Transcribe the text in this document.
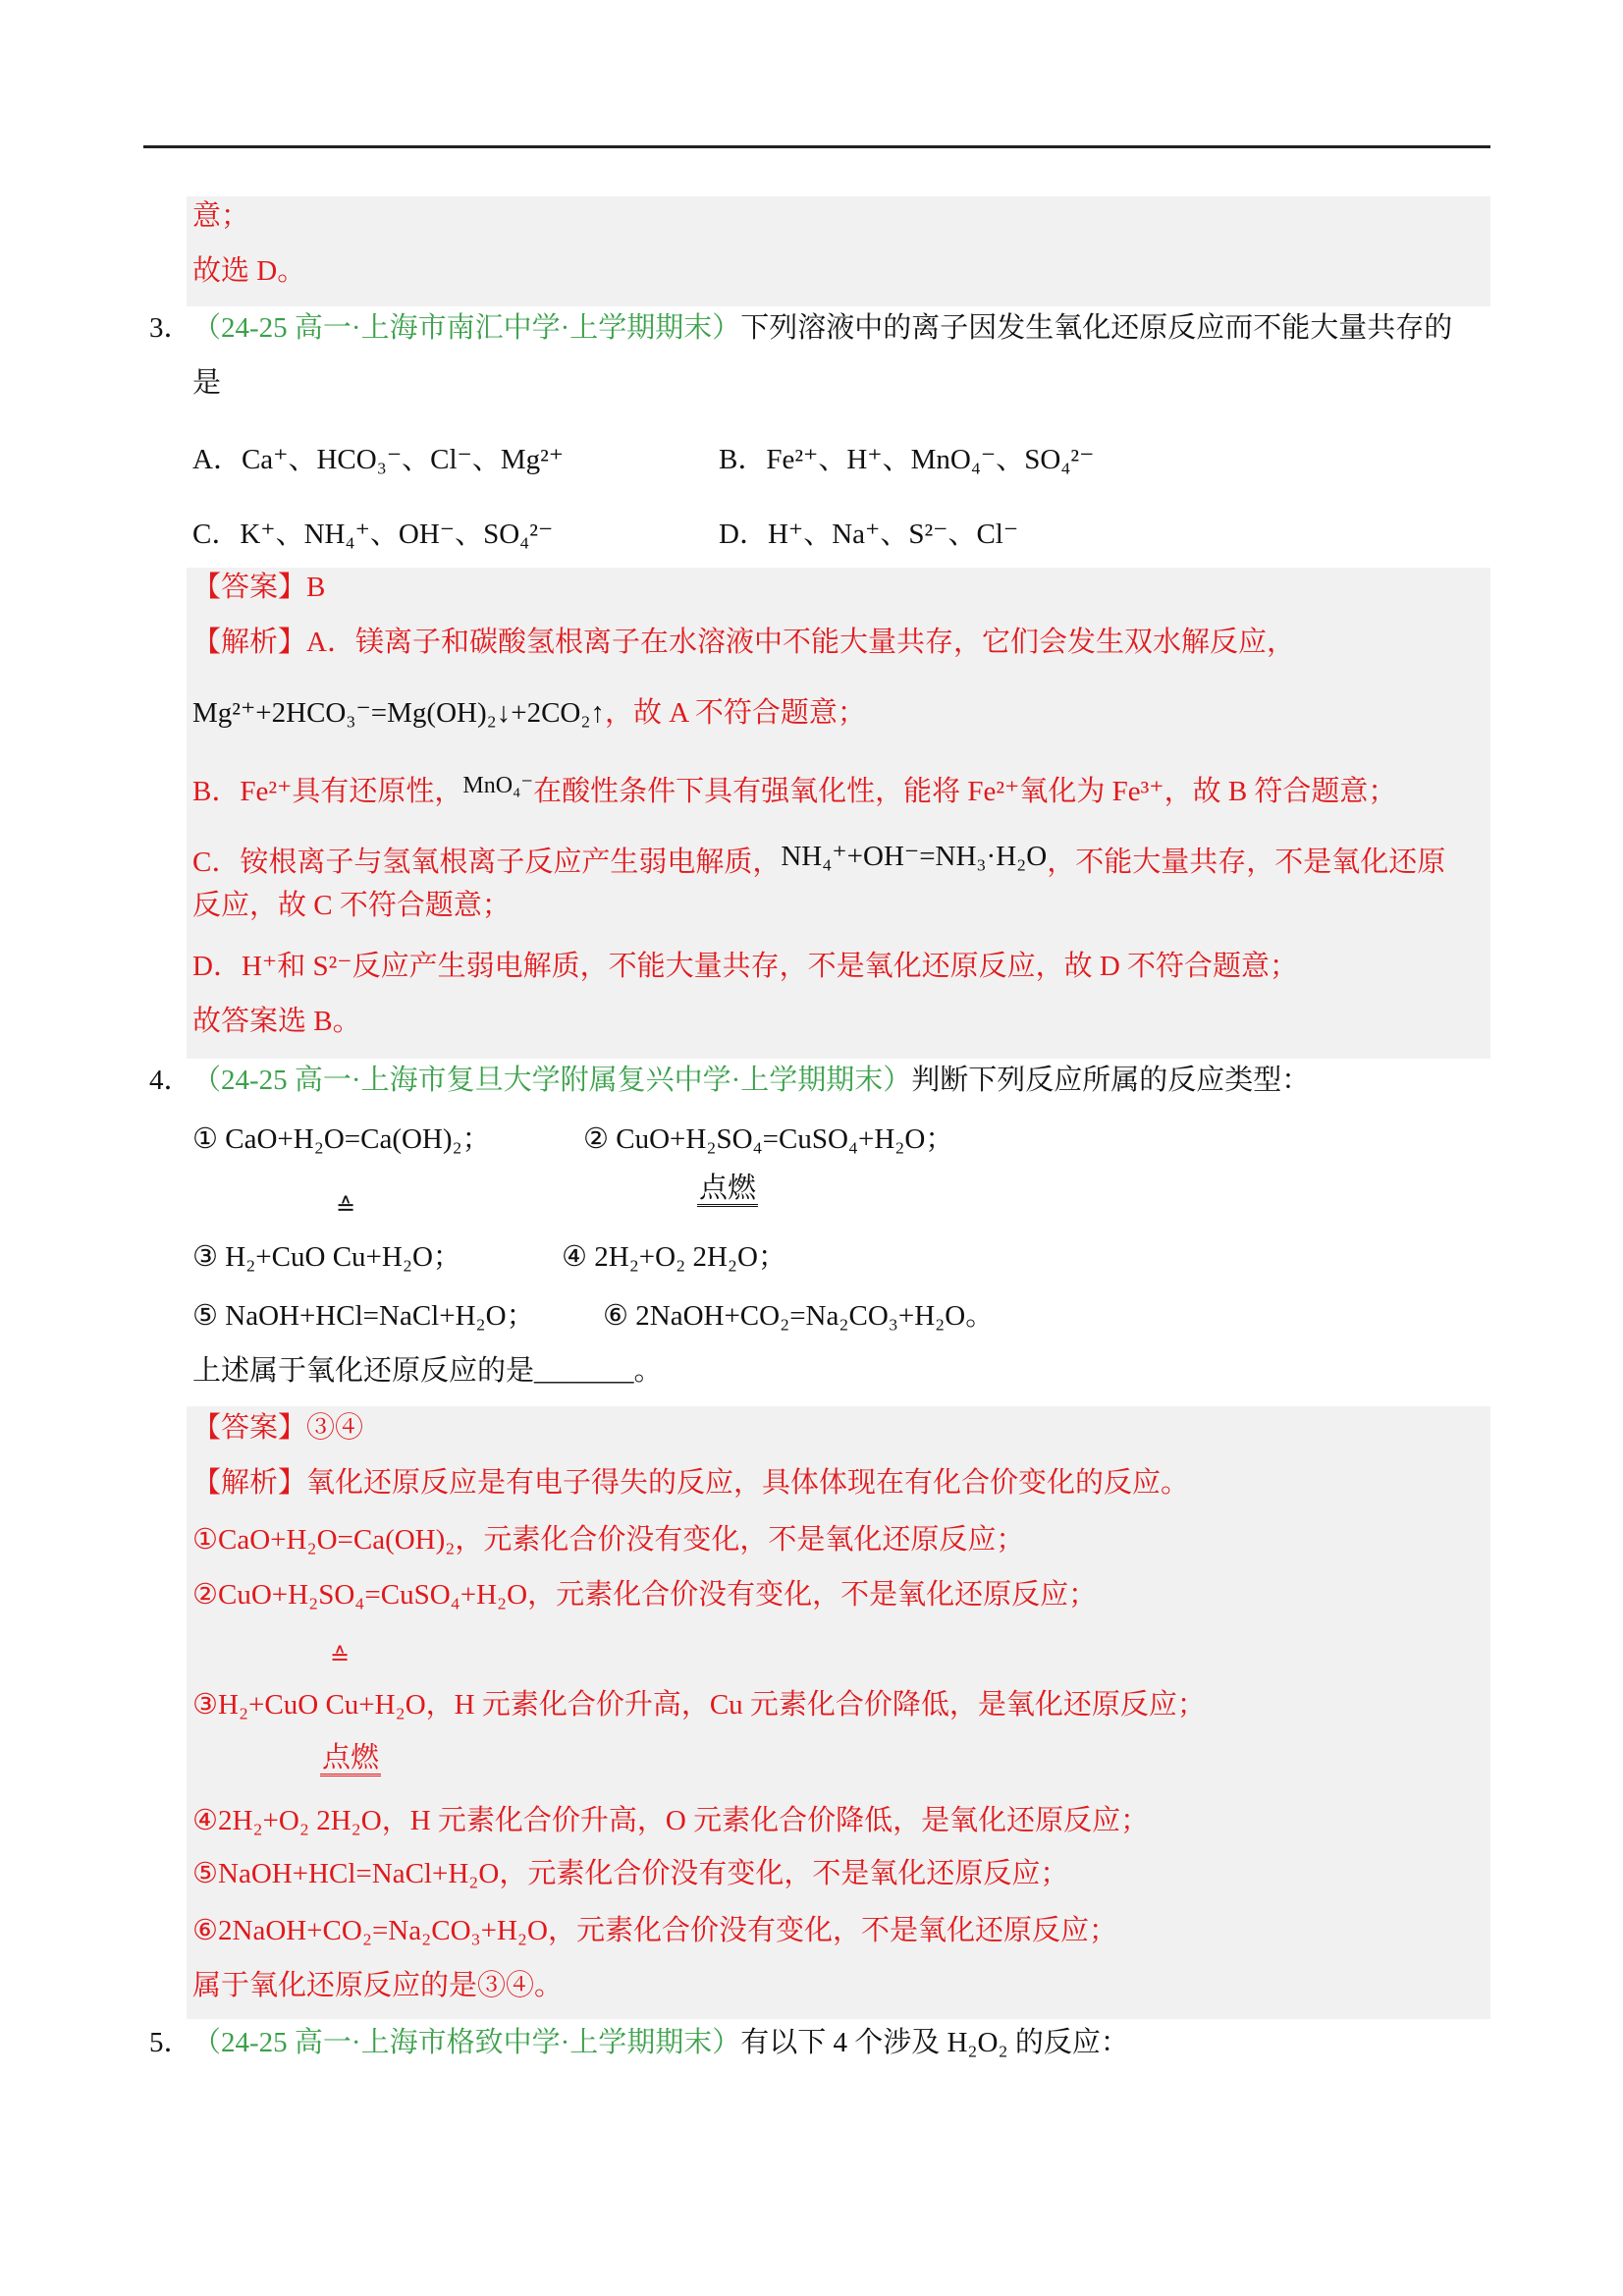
意；
故选 D。
3． （24-25 高一·上海市南汇中学·上学期期末）下列溶液中的离子因发生氧化还原反应而不能大量共存的
是
A．Ca⁺、HCO₃⁻、Cl⁻、Mg²⁺	B．Fe²⁺、H⁺、MnO₄⁻、SO₄²⁻
C．K⁺、NH₄⁺、OH⁻、SO₄²⁻	D．H⁺、Na⁺、S²⁻、Cl⁻
【答案】B
【解析】A．镁离子和碳酸氢根离子在水溶液中不能大量共存，它们会发生双水解反应，
Mg²⁺+2HCO₃⁻=Mg(OH)₂↓+2CO₂↑，故 A 不符合题意；
B．Fe²⁺具有还原性，$^{MnO_4^-}$在酸性条件下具有强氧化性，能将 Fe²⁺氧化为 Fe³⁺，故 B 符合题意；
C．铵根离子与氢氧根离子反应产生弱电解质，NH₄⁺+OH⁻=NH₃·H₂O，不能大量共存，不是氧化还原
反应，故 C 不符合题意；
D．H⁺和 S²⁻反应产生弱电解质，不能大量共存，不是氧化还原反应，故 D 不符合题意；
故答案选 B。
4． （24-25 高一·上海市复旦大学附属复兴中学·上学期期末）判断下列反应所属的反应类型：
① CaO+H₂O=Ca(OH)₂；	② CuO+H₂SO₄=CuSO₄+H₂O；
点燃
≙
③ H₂+CuO Cu+H₂O；	④ 2H₂+O₂ 2H₂O；
⑤ NaOH+HCl=NaCl+H₂O； ⑥ 2NaOH+CO₂=Na₂CO₃+H₂O。
上述属于氧化还原反应的是_______。
【答案】③④
【解析】氧化还原反应是有电子得失的反应，具体体现在有化合价变化的反应。
①CaO+H₂O=Ca(OH)₂，元素化合价没有变化，不是氧化还原反应；
②CuO+H₂SO₄=CuSO₄+H₂O，元素化合价没有变化，不是氧化还原反应；
≙
③H₂+CuO Cu+H₂O，H 元素化合价升高，Cu 元素化合价降低，是氧化还原反应；
点燃
④2H₂+O₂ 2H₂O，H 元素化合价升高，O 元素化合价降低，是氧化还原反应；
⑤NaOH+HCl=NaCl+H₂O，元素化合价没有变化，不是氧化还原反应；
⑥2NaOH+CO₂=Na₂CO₃+H₂O，元素化合价没有变化，不是氧化还原反应；
属于氧化还原反应的是③④。
5． （24-25 高一·上海市格致中学·上学期期末）有以下 4 个涉及 H₂O₂ 的反应：
